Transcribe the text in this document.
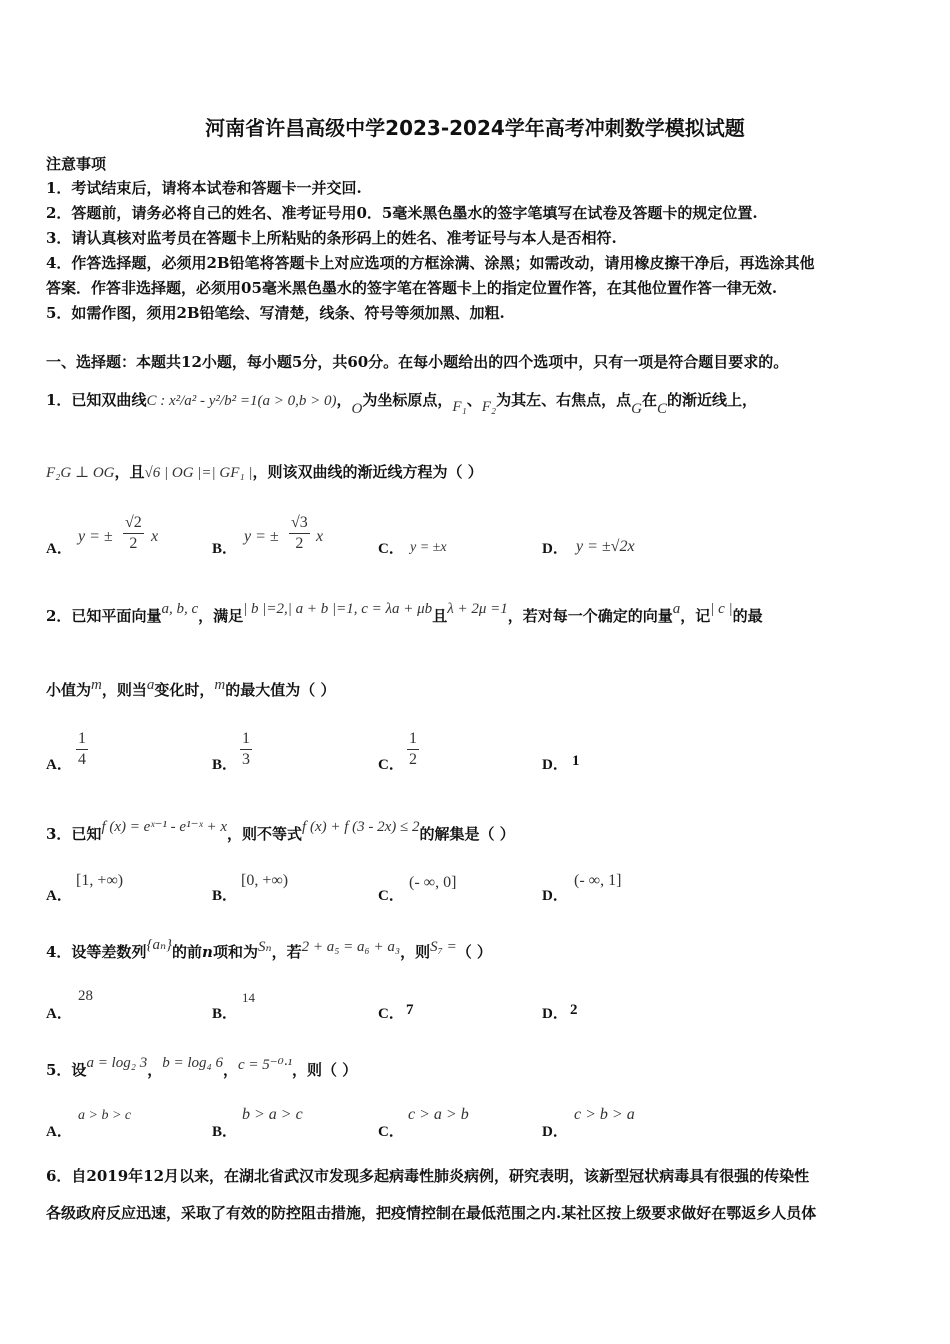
河南省许昌高级中学2023-2024学年高考冲刺数学模拟试题
注意事项
1．考试结束后，请将本试卷和答题卡一并交回.
2．答题前，请务必将自己的姓名、准考证号用0．5毫米黑色墨水的签字笔填写在试卷及答题卡的规定位置.
3．请认真核对监考员在答题卡上所粘贴的条形码上的姓名、准考证号与本人是否相符.
4．作答选择题，必须用2B铅笔将答题卡上对应选项的方框涂满、涂黑；如需改动，请用橡皮擦干净后，再选涂其他
答案．作答非选择题，必须用05毫米黑色墨水的签字笔在答题卡上的指定位置作答，在其他位置作答一律无效.
5．如需作图，须用2B铅笔绘、写清楚，线条、符号等须加黑、加粗.
一、选择题：本题共12小题，每小题5分，共60分。在每小题给出的四个选项中，只有一项是符合题目要求的。
1．已知双曲线C : x²/a² - y²/b² =1(a > 0,b > 0)，O为坐标原点，F₁、F₂为其左、右焦点，点G在C的渐近线上，
F₂G ⊥ OG，且√6 | OG |=| GF₁ |，则该双曲线的渐近线方程为（ ）
A．
y = ± $\frac{√2}{2}$ x
B．
y = ± $\frac{√3}{2}$ x
C． y = ±x	D． y = ±√2x
2．已知平面向量a, b, c，满足| b |=2,| a + b |=1, c = λa + μb且λ + 2μ =1，若对每一个确定的向量a，记| c |的最
小值为m，则当a变化时，m的最大值为（ ）
A． $\frac{1}{4}$	B． $\frac{1}{3}$	C． $\frac{1}{2}$	D． 1
3．已知f (x) = eˣ⁻¹ - e¹⁻ˣ + x，则不等式f (x) + f (3 - 2x) ≤ 2的解集是（ ）
A．
[1, +∞)
B．
[0, +∞)
C．
(- ∞, 0]
D．
(- ∞, 1]
4．设等差数列{aₙ}的前n项和为Sₙ，若2 + a₅ = a₆ + a₃，则S₇ =（ ）
A．
28
B．
14
C． 7	D． 2
5．设a = log₂ 3，b = log₄ 6，c = 5⁻⁰·¹，则（ ）
A．
a > b > c
B．
b > a > c
C．
c > a > b
D．
c > b > a
6．自2019年12月以来，在湖北省武汉市发现多起病毒性肺炎病例，研究表明，该新型冠状病毒具有很强的传染性
各级政府反应迅速，采取了有效的防控阻击措施，把疫情控制在最低范围之内.某社区按上级要求做好在鄂返乡人员体
